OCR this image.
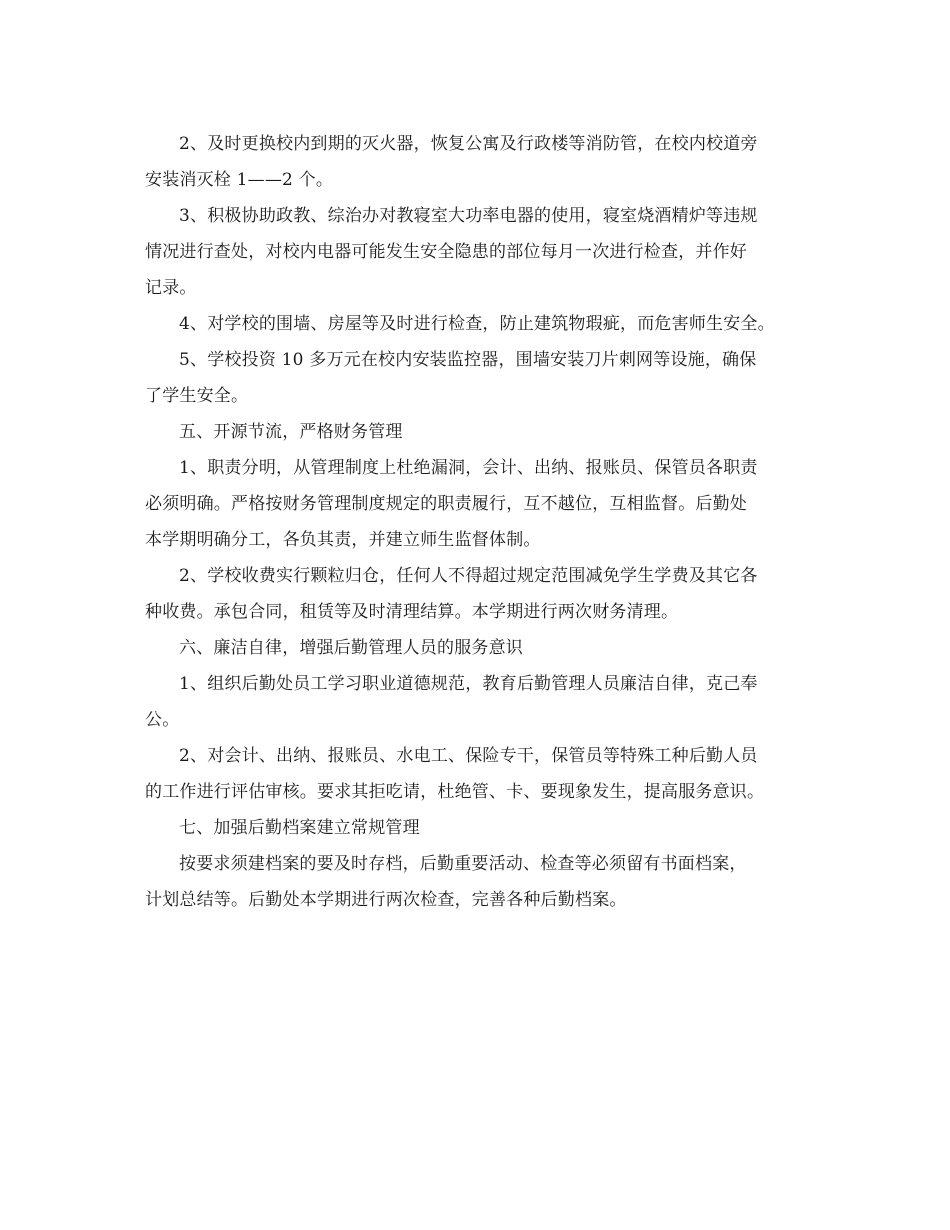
2、及时更换校内到期的灭火器，恢复公寓及行政楼等消防管，在校内校道旁
安装消灭栓 1——2 个。
3、积极协助政教、综治办对教寝室大功率电器的使用，寝室烧酒精炉等违规
情况进行查处，对校内电器可能发生安全隐患的部位每月一次进行检查，并作好
记录。
4、对学校的围墙、房屋等及时进行检查，防止建筑物瑕疵，而危害师生安全。
5、学校投资 10 多万元在校内安装监控器，围墙安装刀片刺网等设施，确保
了学生安全。
五、开源节流，严格财务管理
1、职责分明，从管理制度上杜绝漏洞，会计、出纳、报账员、保管员各职责
必须明确。严格按财务管理制度规定的职责履行，互不越位，互相监督。后勤处
本学期明确分工，各负其责，并建立师生监督体制。
2、学校收费实行颗粒归仓，任何人不得超过规定范围减免学生学费及其它各
种收费。承包合同，租赁等及时清理结算。本学期进行两次财务清理。
六、廉洁自律，增强后勤管理人员的服务意识
1、组织后勤处员工学习职业道德规范，教育后勤管理人员廉洁自律，克己奉
公。
2、对会计、出纳、报账员、水电工、保险专干，保管员等特殊工种后勤人员
的工作进行评估审核。要求其拒吃请，杜绝管、卡、要现象发生，提高服务意识。
七、加强后勤档案建立常规管理
按要求须建档案的要及时存档，后勤重要活动、检查等必须留有书面档案，
计划总结等。后勤处本学期进行两次检查，完善各种后勤档案。
